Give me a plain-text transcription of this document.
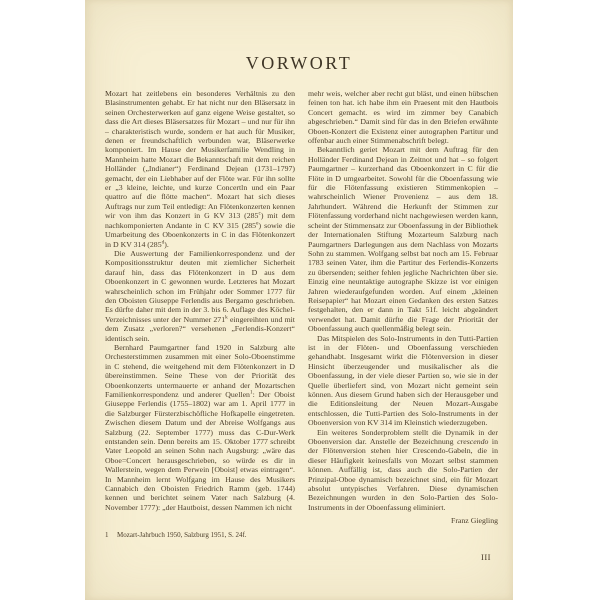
VORWORT

Mozart hat zeitlebens ein besonderes Verhältnis zu den Blasinstrumenten gehabt. Er hat nicht nur den Bläsersatz in seinen Orchesterwerken auf ganz eigene Weise gestaltet, so dass die Art dieses Bläsersatzes für Mozart – und nur für ihn – charakteristisch wurde, sondern er hat auch für Musiker, denen er freundschaftlich verbunden war, Bläserwerke komponiert. Im Hause der Musikerfamilie Wendling in Mannheim hatte Mozart die Bekanntschaft mit dem reichen Holländer („Indianer“) Ferdinand Dejean (1731–1797) gemacht, der ein Liebhaber auf der Flöte war. Für ihn sollte er „3 kleine, leichte, und kurze Concertln und ein Paar quattro auf die flötte machen“. Mozart hat sich dieses Auftrags nur zum Teil entledigt: An Flötenkonzerten kennen wir von ihm das Konzert in G KV 313 (285$^c$) mit dem nachkomponierten Andante in C KV 315 (285e) sowie die Umarbeitung des Oboenkonzerts in C in das Flötenkonzert in D KV 314 (285$^d$).

Die Auswertung der Familienkorrespondenz und der Kompositionsstruktur deuten mit ziemlicher Sicherheit darauf hin, dass das Flötenkonzert in D aus dem Oboenkonzert in C gewonnen wurde. Letzteres hat Mozart wahrscheinlich schon im Frühjahr oder Sommer 1777 für den Oboisten Giuseppe Ferlendis aus Bergamo geschrieben. Es dürfte daher mit dem in der 3. bis 6. Auflage des Köchel-Verzeichnisses unter der Nummer 271$^k$ eingereihten und mit dem Zusatz „verloren?“ versehenen „Ferlendis-Konzert“ identisch sein.

Bernhard Paumgartner fand 1920 in Salzburg alte Orchesterstimmen zusammen mit einer Solo-Oboenstimme in C stehend, die weitgehend mit dem Flötenkonzert in D übereinstimmen. Seine These von der Priorität des Oboenkonzerts untermauerte er anhand der Mozartschen Familienkorrespondenz und anderer Quellen$^1$: Der Oboist Giuseppe Ferlendis (1755–1802) war am 1. April 1777 in die Salzburger Fürsterzbischöfliche Hofkapelle eingetreten. Zwischen diesem Datum und der Abreise Wolfgangs aus Salzburg (22. September 1777) muss das C-Dur-Werk entstanden sein. Denn bereits am 15. Oktober 1777 schreibt Vater Leopold an seinen Sohn nach Augsburg: „wäre das Oboe=Concert herausgeschrieben, so würde es dir in Wallerstein, wegen dem Perwein [Oboist] etwas eintragen“. In Mannheim lernt Wolfgang im Hause des Musikers Cannabich den Oboisten Friedrich Ramm (geb. 1744) kennen und berichtet seinem Vater nach Salzburg (4. November 1777): „der Hautboist, dessen Nammen ich nicht

mehr weis, welcher aber recht gut bläst, und einen hübschen feinen ton hat. ich habe ihm ein Praesent mit den Hautbois Concert gemacht. es wird im zimmer bey Canabich abgeschrieben.“ Damit sind für das in den Briefen erwähnte Oboen-Konzert die Existenz einer autographen Partitur und offenbar auch einer Stimmenabschrift belegt.

Bekanntlich geriet Mozart mit dem Auftrag für den Holländer Ferdinand Dejean in Zeitnot und hat – so folgert Paumgartner – kurzerhand das Oboenkonzert in C für die Flöte in D umgearbeitet. Sowohl für die Oboenfassung wie für die Flötenfassung existieren Stimmenkopien – wahrscheinlich Wiener Provenienz – aus dem 18. Jahrhundert. Während die Herkunft der Stimmen zur Flötenfassung vorderhand nicht nachgewiesen werden kann, scheint der Stimmensatz zur Oboenfassung in der Bibliothek der Internationalen Stiftung Mozarteum Salzburg nach Paumgartners Darlegungen aus dem Nachlass von Mozarts Sohn zu stammen. Wolfgang selbst bat noch am 15. Februar 1783 seinen Vater, ihm die Partitur des Ferlendis-Konzerts zu übersenden; seither fehlen jegliche Nachrichten über sie. Einzig eine neuntaktige autographe Skizze ist vor einigen Jahren wiederaufgefunden worden. Auf einem „kleinen Reisepapier“ hat Mozart einen Gedanken des ersten Satzes festgehalten, den er dann in Takt 51f. leicht abgeändert verwendet hat. Damit dürfte die Frage der Priorität der Oboenfassung auch quellenmäßig belegt sein.

Das Mitspielen des Solo-Instruments in den Tutti-Partien ist in der Flöten- und Oboenfassung verschieden gehandhabt. Insgesamt wirkt die Flötenversion in dieser Hinsicht überzeugender und musikalischer als die Oboenfassung, in der viele dieser Partien so, wie sie in der Quelle überliefert sind, von Mozart nicht gemeint sein können. Aus diesem Grund haben sich der Herausgeber und die Editionsleitung der Neuen Mozart-Ausgabe entschlossen, die Tutti-Partien des Solo-Instruments in der Oboenversion von KV 314 im Kleinstich wiederzugeben.

Ein weiteres Sonderproblem stellt die Dynamik in der Oboenversion dar. Anstelle der Bezeichnung crescendo in der Flötenversion stehen hier Crescendo-Gabeln, die in dieser Häufigkeit keinesfalls von Mozart selbst stammen können. Auffällig ist, dass auch die Solo-Partien der Prinzipal-Oboe dynamisch bezeichnet sind, ein für Mozart absolut untypisches Verfahren. Diese dynamischen Bezeichnungen wurden in den Solo-Partien des Solo-Instruments in der Oboenfassung eliminiert.

Franz Giegling

1 Mozart-Jahrbuch 1950, Salzburg 1951, S. 24f.
III
